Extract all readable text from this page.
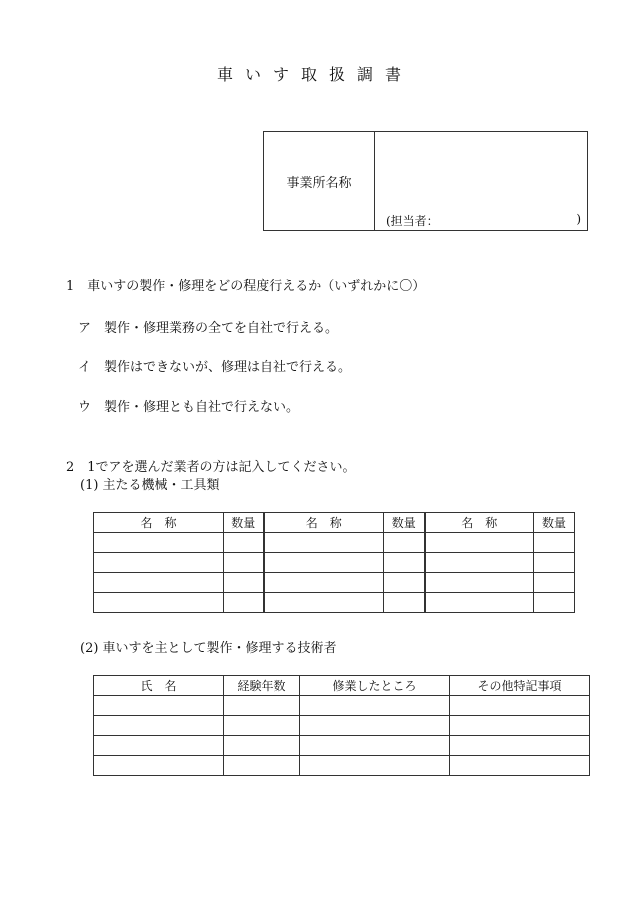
車いす取扱調書
事業所名称
(担当者：	)
1　車いすの製作・修理をどの程度行えるか（いずれかに〇）
ア　製作・修理業務の全てを自社で行える。
イ　製作はできないが、修理は自社で行える。
ウ　製作・修理とも自社で行えない。
2　1でアを選んだ業者の方は記入してください。
(1) 主たる機械・工具類
名　称	数量	名　称	数量	名　称	数量

(2) 車いすを主として製作・修理する技術者
氏　名	経験年数	修業したところ	その他特記事項
